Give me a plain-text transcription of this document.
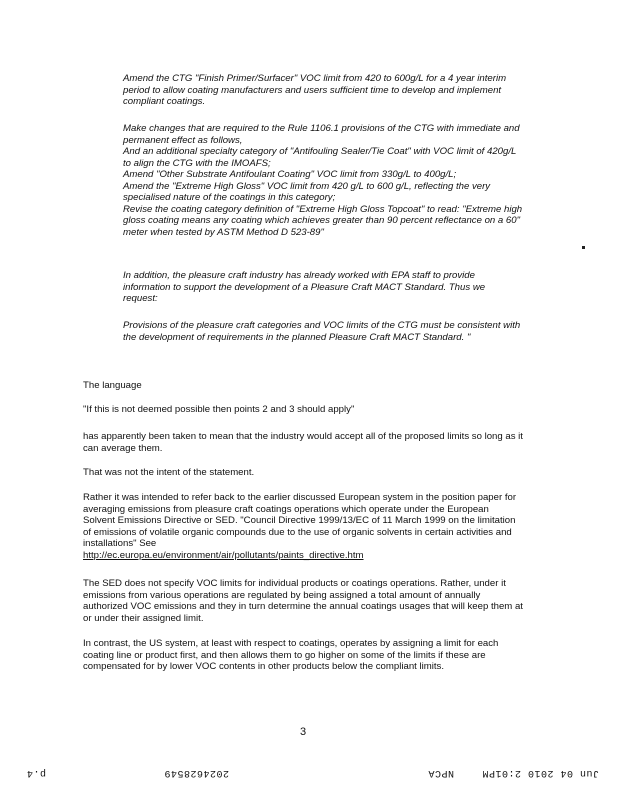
Amend the CTG "Finish Primer/Surfacer" VOC limit from 420 to 600g/L for a 4 year interim period to allow coating manufacturers and users sufficient time to develop and implement compliant coatings.

Make changes that are required to the Rule 1106.1 provisions of the CTG with immediate and permanent effect as follows,

And an additional specialty category of "Antifouling Sealer/Tie Coat" with VOC limit of 420g/L to align the CTG with the IMOAFS;

Amend "Other Substrate Antifoulant Coating" VOC limit from 330g/L to 400g/L;

Amend the "Extreme High Gloss" VOC limit from 420 g/L to 600 g/L, reflecting the very specialised nature of the coatings in this category;

Revise the coating category definition of "Extreme High Gloss Topcoat" to read: "Extreme high gloss coating means any coating which achieves greater than 90 percent reflectance on a 60" meter when tested by ASTM Method D 523-89"

In addition, the pleasure craft industry has already worked with EPA staff to provide information to support the development of a Pleasure Craft MACT Standard. Thus we request:

Provisions of the pleasure craft categories and VOC limits of the CTG must be consistent with the development of requirements in the planned Pleasure Craft MACT Standard. "

The language

"If this is not deemed possible then points 2 and 3 should apply"

has apparently been taken to mean that the industry would accept all of the proposed limits so long as it can average them.

That was not the intent of the statement.

Rather it was intended to refer back to the earlier discussed European system in the position paper for averaging emissions from pleasure craft coatings operations which operate under the European Solvent Emissions Directive or SED. "Council Directive 1999/13/EC of 11 March 1999 on the limitation of emissions of volatile organic compounds due to the use of organic solvents in certain activities and installations" See

http://ec.europa.eu/environment/air/pollutants/paints_directive.htm

The SED does not specify VOC limits for individual products or coatings operations. Rather, under it emissions from various operations are regulated by being assigned a total amount of annually authorized VOC emissions and they in turn determine the annual coatings usages that will keep them at or under their assigned limit.

In contrast, the US system, at least with respect to coatings, operates by assigning a limit for each coating line or product first, and then allows them to go higher on some of the limits if these are compensated for by lower VOC contents in other products below the compliant limits.

3
Jun 04 2010 2:01PM
NPCA
2024628549
p.4
